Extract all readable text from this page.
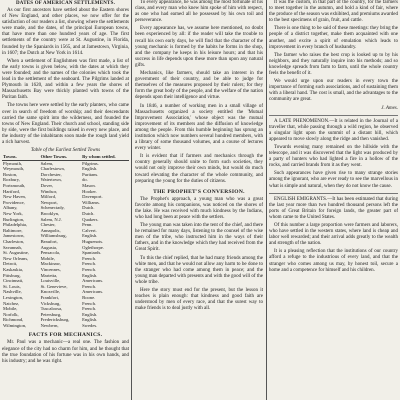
DATES OF AMERICAN SETTLEMENTS.

As our first ancestors have settled about the Eastern shores of New England, and other places, we now offer for the satisfaction of our readers a list, showing where the settlements were made, and the dates, of the principal European towns, that have more than one hundred years of age. The first settlements of the country were at St. Augustine, in Florida, founded by the Spaniards in 1565, and at Jamestown, Virginia, in 1607; the Dutch at New York in 1614.

When a settlement of Englishmen was first made, a list of the early towns is given below, with the dates at which they were founded; and the names of the colonies which took the lead in the settlement of the seaboard. The Pilgrims landed at Plymouth in 1620, and within a few years the shores of Massachusetts Bay were thickly planted with towns of the Puritan faith.

The towns here were settled by the early planters, who came over in search of freedom of worship; and their descendants carried the same spirit into the wilderness, and founded the towns of New England. Their church and school, standing side by side, were the first buildings raised in every new place, and the industry of the inhabitants soon made the rough land yield a rich harvest.

Table of the Earliest Settled Towns
Towns.	Other Towns.	By whom settled.
Plymouth,	Salem,	Pilgrims.
Weymouth,	Charlestown,	English.
Boston,	Dorchester,	Puritans.
Roxbury,	Watertown,	do.
Portsmouth,	Dover,	Mason.
Hartford,	Windsor,	Hooker.
New Haven,	Milford,	Davenport.
Providence,	Newport,	Williams.
Albany,	Schenectady,	Dutch.
New York,	Brooklyn,	Dutch.
Burlington,	Salem, N.J.	Quakers.
Philadelphia,	Chester,	Penn.
Baltimore,	Annapolis,	Calvert.
Jamestown,	Williamsburg,	English.
Charleston,	Beaufort,	Huguenots.
Savannah,	Augusta,	Oglethorpe.
St. Augustine,	Pensacola,	Spaniards.
New Orleans,	Mobile,	French.
Detroit,	Mackinaw,	French.
Kaskaskia,	Vincennes,	French.
Pittsburg,	Marietta,	English.
Cincinnati,	Louisville,	Americans.
St. Louis,	St. Genevieve,	French.
Nashville,	Knoxville,	Americans.
Lexington,	Frankfort,	Boone.
Natchez,	Vicksburg,	French.
Mobile,	Tuscaloosa,	French.
Norfolk,	Petersburg,	English.
Richmond,	Fredericksburg,	English.
Wilmington,	Newbern,	Swedes.
FACTS FOR MECHANICS.

Mr. Paul was a mechanic—a real one. The fashion and elegance of the city had no charm for him, and he thought that the true foundation of his fortune was in his own hands, and his industry; and he was right.

To every appearance, he was among the most fortunate of his class, and every man who knew him spoke of him with respect, as one who had earned all he possessed by his own toil and perseverance.

Every appearance has, we assume here mentioned, no doubt been experienced by all: if the reader will take the trouble to recall his own early days, he will find that the character of the young mechanic is formed by the habits he forms in the shop, and the company he keeps in his leisure hours; and that his success in life depends upon these more than upon any natural gifts.

Mechanics, like farmers, should take an interest in the government of their country, and be able to judge for themselves of the measures proposed by their rulers; for they form the great body of the people, and the welfare of the nation depends upon their intelligence and virtue.

In 1846, a number of working men in a small village of Massachusetts organized a society entitled the 'Mutual Improvement Association,' whose object was the mutual improvement of its members and the diffusion of knowledge among the people. From this humble beginning has sprung an institution which now numbers several hundred members, with a library of some thousand volumes, and a course of lectures every winter.

It is evident that if farmers and mechanics through the country generally should unite to form such societies, they would not only improve their own minds, but would do much toward elevating the character of the whole community, and preparing the young for the duties of citizens.

THE PROPHET'S CONVERSION.

The Prophet's approach, a young man who was a great favorite among his companions, was noticed on the shores of the lake. He was received with much kindness by the Indians, who had long been at peace with the settlers.

The young man was taken into the tent of the chief, and there he remained for many days, listening to the counsel of the wise men of the tribe, who instructed him in the ways of their fathers, and in the knowledge which they had received from the Great Spirit.

To this the chief replied, that he had many friends among the white men, and that he would not allow any harm to be done to the stranger who had come among them in peace; and the young man departed with presents and with the good will of the whole tribe.

Here the story must end for the present, but the lesson it teaches is plain enough: that kindness and good faith are understood by men of every race, and that the surest way to make friends is to deal justly with all.

It was the custom, in that part of the country, for the farmers to meet together in the autumn, and hold a kind of fair, where the produce of the season was exhibited, and premiums awarded to the best specimens of grain, fruit, and cattle.

There is one thing to be said of these meetings: they bring the people of a district together, make them acquainted with one another, and excite a spirit of emulation which leads to improvement in every branch of husbandry.

The farmer who raises the best crop is looked up to by his neighbors, and they naturally inquire into his methods; and so knowledge spreads from farm to farm, until the whole country feels the benefit of it.

We would urge upon our readers in every town the importance of forming such associations, and of sustaining them with a liberal hand. The cost is small, and the advantages to the community are great.

J. Ames.

A LATE PHENOMENON.—It is related in the Journal of a traveller that, while passing through a wild region, he observed a singular light upon the summit of a distant hill, which appeared to move slowly along the ridge and then vanished.

Towards evening many remained on the hillside with the telescope, and it was discovered that the light was produced by a party of hunters who had lighted a fire in a hollow of the rocks, and carried brands from it as they went.

Such appearances have given rise to many strange stories among the ignorant, who are ever ready to see the marvellous in what is simple and natural, when they do not know the cause.

ENGLISH EMIGRANTS.—It has been estimated that during the last year more than two hundred thousand persons left the ports of Great Britain for foreign lands, the greater part of whom came to the United States.

Of this number a large proportion were farmers and laborers, who have settled in the western states, where land is cheap and labor well rewarded; and their arrival adds greatly to the wealth and strength of the nation.

It is a pleasing reflection that the institutions of our country afford a refuge to the industrious of every land, and that the stranger who comes among us may, by honest toil, secure a home and a competence for himself and his children.
